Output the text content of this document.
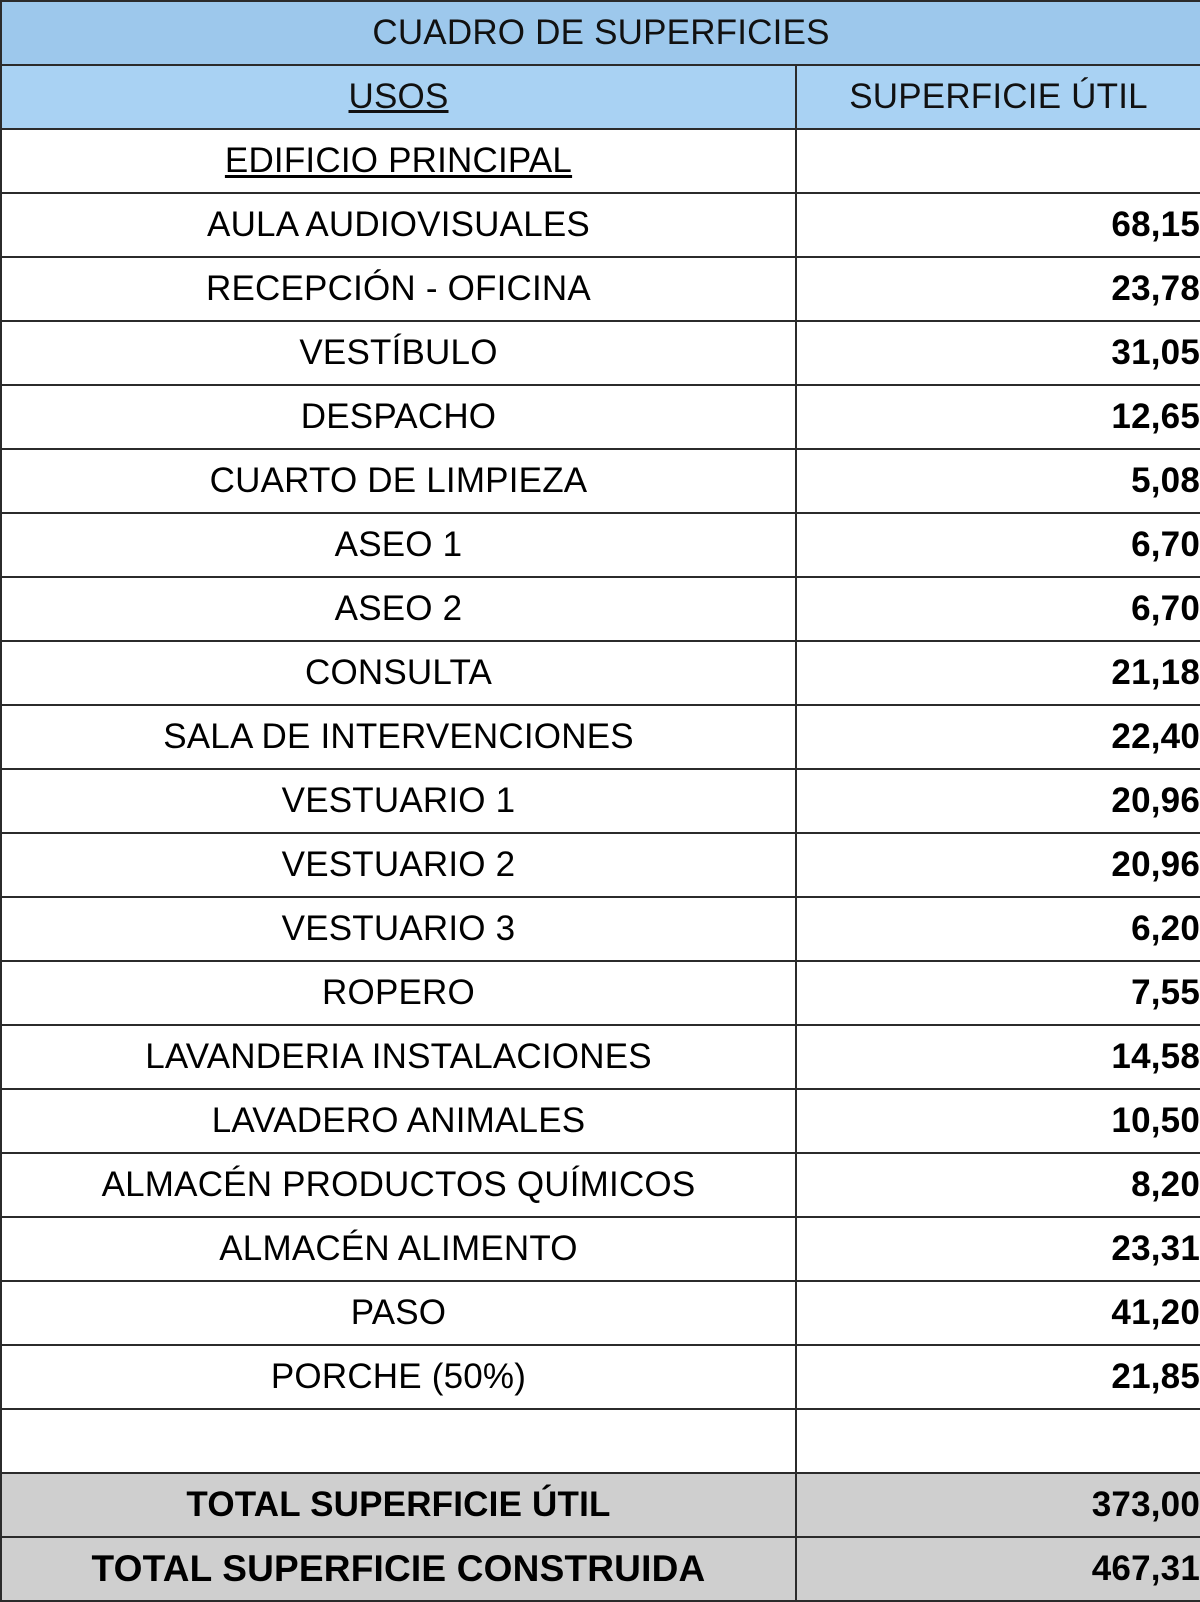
CUADRO DE SUPERFICIES	
USOS	SUPERFICIE ÚTIL
EDIFICIO PRINCIPAL	
AULA AUDIOVISUALES	68,15
RECEPCIÓN - OFICINA	23,78
VESTÍBULO	31,05
DESPACHO	12,65
CUARTO DE LIMPIEZA	5,08
ASEO 1	6,70
ASEO 2	6,70
CONSULTA	21,18
SALA DE INTERVENCIONES	22,40
VESTUARIO 1	20,96
VESTUARIO 2	20,96
VESTUARIO 3	6,20
ROPERO	7,55
LAVANDERIA INSTALACIONES	14,58
LAVADERO ANIMALES	10,50
ALMACÉN PRODUCTOS QUÍMICOS	8,20
ALMACÉN ALIMENTO	23,31
PASO	41,20
PORCHE (50%)	21,85

TOTAL SUPERFICIE ÚTIL	373,00
TOTAL SUPERFICIE CONSTRUIDA	467,31
